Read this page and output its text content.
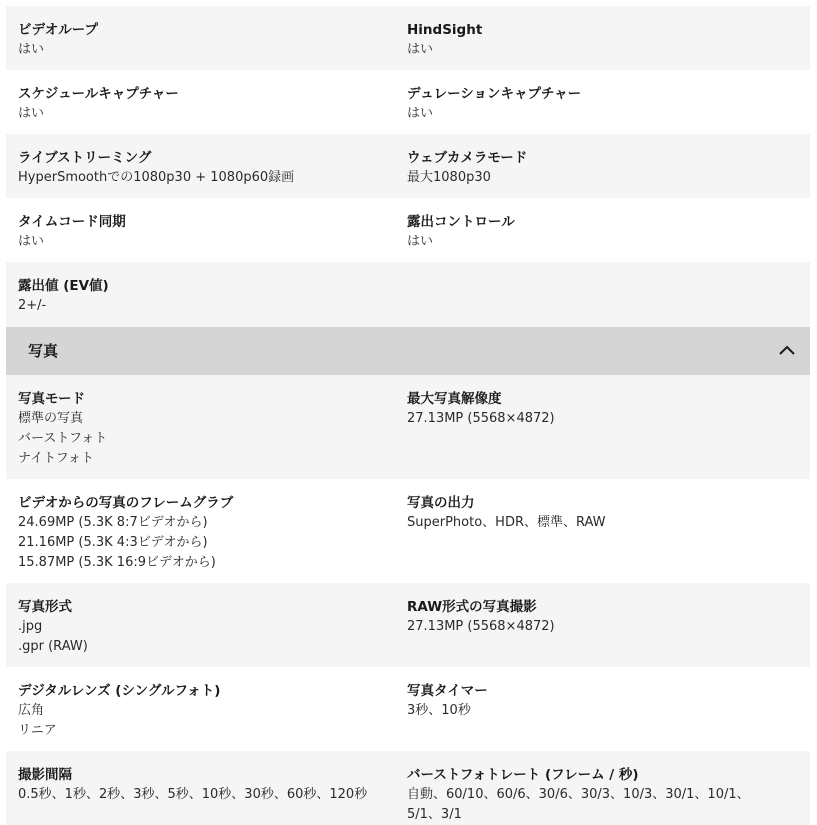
ビデオループ
はい
HindSight
はい
スケジュールキャプチャー
はい
デュレーションキャプチャー
はい
ライブストリーミング
HyperSmoothでの1080p30 + 1080p60録画
ウェブカメラモード
最大1080p30
タイムコード同期
はい
露出コントロール
はい
露出値 (EV値)
2+/-
写真
写真モード
標準の写真
バーストフォト
ナイトフォト
最大写真解像度
27.13MP (5568×4872)
ビデオからの写真のフレームグラブ
24.69MP (5.3K 8:7ビデオから)
21.16MP (5.3K 4:3ビデオから)
15.87MP (5.3K 16:9ビデオから)
写真の出力
SuperPhoto、HDR、標準、RAW
写真形式
.jpg
.gpr (RAW)
RAW形式の写真撮影
27.13MP (5568×4872)
デジタルレンズ (シングルフォト)
広角
リニア
写真タイマー
3秒、10秒
撮影間隔
0.5秒、1秒、2秒、3秒、5秒、10秒、30秒、60秒、120秒
バーストフォトレート (フレーム / 秒)
自動、60/10、60/6、30/6、30/3、10/3、30/1、10/1、
5/1、3/1
